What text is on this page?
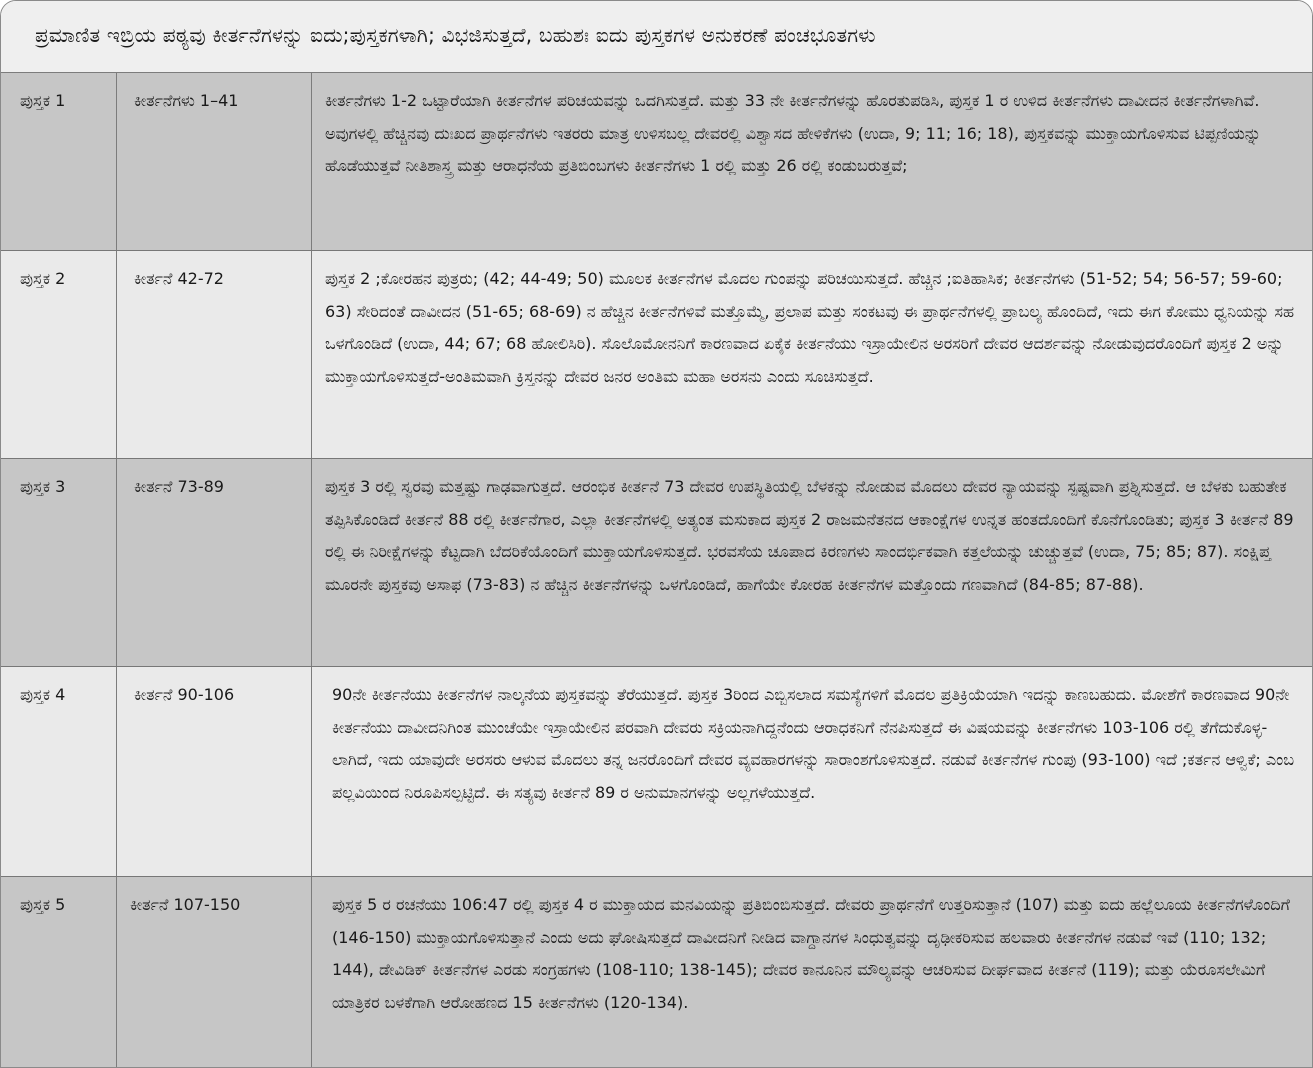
ಪ್ರಮಾಣಿತ ಇಬ್ರಿಯ ಪಠ್ಯವು ಕೀರ್ತನೆಗಳನ್ನು ಐದು;ಪುಸ್ತಕಗಳಾಗಿ; ವಿಭಜಿಸುತ್ತದೆ, ಬಹುಶಃ ಐದು ಪುಸ್ತಕಗಳ ಅನುಕರಣೆ ಪಂಚಭೂತಗಳು
ಪುಸ್ತಕ 1	ಕೀರ್ತನೆಗಳು 1–41	ಕೀರ್ತನೆಗಳು 1-2 ಒಟ್ಟಾರೆಯಾಗಿ ಕೀರ್ತನೆಗಳ ಪರಿಚಯವನ್ನು ಒದಗಿಸುತ್ತದೆ. ಮತ್ತು 33 ನೇ ಕೀರ್ತನೆಗಳನ್ನು ಹೊರತುಪಡಿಸಿ, ಪುಸ್ತಕ 1 ರ ಉಳಿದ ಕೀರ್ತನೆಗಳು ದಾವೀದನ ಕೀರ್ತನೆಗಳಾಗಿವೆ. ಅವುಗಳಲ್ಲಿ ಹೆಚ್ಚಿನವು ದುಃಖದ ಪ್ರಾರ್ಥನೆಗಳು ಇತರರು ಮಾತ್ರ ಉಳಿಸಬಲ್ಲ ದೇವರಲ್ಲಿ ವಿಶ್ವಾಸದ ಹೇಳಿಕೆಗಳು (ಉದಾ, 9; 11; 16; 18), ಪುಸ್ತಕವನ್ನು ಮುಕ್ತಾಯಗೊಳಿಸುವ ಟಿಪ್ಪಣಿಯನ್ನು ಹೊಡೆಯುತ್ತವೆ ನೀತಿಶಾಸ್ತ್ರ ಮತ್ತು ಆರಾಧನೆಯ ಪ್ರತಿಬಿಂಬಗಳು ಕೀರ್ತನೆಗಳು 1 ರಲ್ಲಿ ಮತ್ತು 26 ರಲ್ಲಿ ಕಂಡುಬರುತ್ತವೆ;
ಪುಸ್ತಕ 2	ಕೀರ್ತನೆ 42-72	ಪುಸ್ತಕ 2 ;ಕೋರಹನ ಪುತ್ರರು; (42; 44-49; 50) ಮೂಲಕ ಕೀರ್ತನೆಗಳ ಮೊದಲ ಗುಂಪನ್ನು ಪರಿಚಯಿಸುತ್ತದೆ. ಹೆಚ್ಚಿನ ;ಐತಿಹಾಸಿಕ; ಕೀರ್ತನೆಗಳು (51-52; 54; 56-57; 59-60; 63) ಸೇರಿದಂತೆ ದಾವೀದನ (51-65; 68-69) ನ ಹೆಚ್ಚಿನ ಕೀರ್ತನೆಗಳಿವೆ ಮತ್ತೊಮ್ಮೆ, ಪ್ರಲಾಪ ಮತ್ತು ಸಂಕಟವು ಈ ಪ್ರಾರ್ಥನೆಗಳಲ್ಲಿ ಪ್ರಾಬಲ್ಯ ಹೊಂದಿದೆ, ಇದು ಈಗ ಕೋಮು ಧ್ವನಿಯನ್ನು ಸಹ ಒಳಗೊಂಡಿದೆ (ಉದಾ, 44; 67; 68 ಹೋಲಿಸಿರಿ). ಸೊಲೊಮೋನನಿಗೆ ಕಾರಣವಾದ ಏಕೈಕ ಕೀರ್ತನೆಯು ಇಸ್ರಾಯೇಲಿನ ಅರಸರಿಗೆ ದೇವರ ಆದರ್ಶವನ್ನು ನೋಡುವುದರೊಂದಿಗೆ ಪುಸ್ತಕ 2 ಅನ್ನು ಮುಕ್ತಾಯಗೊಳಿಸುತ್ತದೆ-ಅಂತಿಮವಾಗಿ ಕ್ರಿಸ್ತನನ್ನು ದೇವರ ಜನರ ಅಂತಿಮ ಮಹಾ ಅರಸನು ಎಂದು ಸೂಚಿಸುತ್ತದೆ.
ಪುಸ್ತಕ 3	ಕೀರ್ತನೆ 73-89	ಪುಸ್ತಕ 3 ರಲ್ಲಿ ಸ್ವರವು ಮತ್ತಷ್ಟು ಗಾಢವಾಗುತ್ತದೆ. ಆರಂಭಿಕ ಕೀರ್ತನೆ 73 ದೇವರ ಉಪಸ್ಥಿತಿಯಲ್ಲಿ ಬೆಳಕನ್ನು ನೋಡುವ ಮೊದಲು ದೇವರ ನ್ಯಾಯವನ್ನು ಸ್ಪಷ್ಟವಾಗಿ ಪ್ರಶ್ನಿಸುತ್ತದೆ. ಆ ಬೆಳಕು ಬಹುತೇಕ ತಪ್ಪಿಸಿಕೊಂಡಿದೆ ಕೀರ್ತನೆ 88 ರಲ್ಲಿ ಕೀರ್ತನೆಗಾರ, ಎಲ್ಲಾ ಕೀರ್ತನೆಗಳಲ್ಲಿ ಅತ್ಯಂತ ಮಸುಕಾದ ಪುಸ್ತಕ 2 ರಾಜಮನೆತನದ ಆಕಾಂಕ್ಷೆಗಳ ಉನ್ನತ ಹಂತದೊಂದಿಗೆ ಕೊನೆಗೊಂಡಿತು; ಪುಸ್ತಕ 3 ಕೀರ್ತನೆ 89 ರಲ್ಲಿ ಈ ನಿರೀಕ್ಷೆಗಳನ್ನು ಕೆಟ್ಟದಾಗಿ ಬೆದರಿಕೆಯೊಂದಿಗೆ ಮುಕ್ತಾಯಗೊಳಿಸುತ್ತದೆ. ಭರವಸೆಯ ಚೂಪಾದ ಕಿರಣಗಳು ಸಾಂದರ್ಭಿಕವಾಗಿ ಕತ್ತಲೆಯನ್ನು ಚುಚ್ಚುತ್ತವೆ (ಉದಾ, 75; 85; 87). ಸಂಕ್ಷಿಪ್ತ ಮೂರನೇ ಪುಸ್ತಕವು ಅಸಾಫ (73-83) ನ ಹೆಚ್ಚಿನ ಕೀರ್ತನೆಗಳನ್ನು ಒಳಗೊಂಡಿದೆ, ಹಾಗೆಯೇ ಕೋರಹ ಕೀರ್ತನೆಗಳ ಮತ್ತೊಂದು ಗಣವಾಗಿದೆ (84-85; 87-88).
ಪುಸ್ತಕ 4	ಕೀರ್ತನೆ 90-106	90ನೇ ಕೀರ್ತನೆಯು ಕೀರ್ತನೆಗಳ ನಾಲ್ಕನೆಯ ಪುಸ್ತಕವನ್ನು ತೆರೆಯುತ್ತದೆ. ಪುಸ್ತಕ 3ರಿಂದ ಎಬ್ಬಿಸಲಾದ ಸಮಸ್ಯೆಗಳಿಗೆ ಮೊದಲ ಪ್ರತಿಕ್ರಿಯೆಯಾಗಿ ಇದನ್ನು ಕಾಣಬಹುದು. ಮೋಶೆಗೆ ಕಾರಣವಾದ 90ನೇ ಕೀರ್ತನೆಯು ದಾವೀದನಿಗಿಂತ ಮುಂಚೆಯೇ ಇಸ್ರಾಯೇಲಿನ ಪರವಾಗಿ ದೇವರು ಸಕ್ರಿಯನಾಗಿದ್ದನೆಂದು ಆರಾಧಕನಿಗೆ ನೆನಪಿಸುತ್ತದೆ ಈ ವಿಷಯವನ್ನು ಕೀರ್ತನೆಗಳು 103-106 ರಲ್ಲಿ ತೆಗೆದುಕೊಳ್ಳ-ಲಾಗಿದೆ, ಇದು ಯಾವುದೇ ಅರಸರು ಆಳುವ ಮೊದಲು ತನ್ನ ಜನರೊಂದಿಗೆ ದೇವರ ವ್ಯವಹಾರಗಳನ್ನು ಸಾರಾಂಶಗೊಳಿಸುತ್ತದೆ. ನಡುವೆ ಕೀರ್ತನೆಗಳ ಗುಂಪು (93-100) ಇದೆ ;ಕರ್ತನ ಆಳ್ವಿಕೆ; ಎಂಬ ಪಲ್ಲವಿಯಿಂದ ನಿರೂಪಿಸಲ್ಪಟ್ಟಿದೆ. ಈ ಸತ್ಯವು ಕೀರ್ತನೆ 89 ರ ಅನುಮಾನಗಳನ್ನು ಅಲ್ಲಗಳೆಯುತ್ತದೆ.
ಪುಸ್ತಕ 5	ಕೀರ್ತನೆ 107-150	ಪುಸ್ತಕ 5 ರ ರಚನೆಯು 106:47 ರಲ್ಲಿ ಪುಸ್ತಕ 4 ರ ಮುಕ್ತಾಯದ ಮನವಿಯನ್ನು ಪ್ರತಿಬಿಂಬಿಸುತ್ತದೆ. ದೇವರು ಪ್ರಾರ್ಥನೆಗೆ ಉತ್ತರಿಸುತ್ತಾನೆ (107) ಮತ್ತು ಐದು ಹಲ್ಲೆಲೂಯ ಕೀರ್ತನೆಗಳೊಂದಿಗೆ (146-150) ಮುಕ್ತಾಯಗೊಳಿಸುತ್ತಾನೆ ಎಂದು ಅದು ಘೋಷಿಸುತ್ತದೆ ದಾವೀದನಿಗೆ ನೀಡಿದ ವಾಗ್ದಾನಗಳ ಸಿಂಧುತ್ವವನ್ನು ದೃಢೀಕರಿಸುವ ಹಲವಾರು ಕೀರ್ತನೆಗಳ ನಡುವೆ ಇವೆ (110; 132; 144), ಡೇವಿಡಿಕ್ ಕೀರ್ತನೆಗಳ ಎರಡು ಸಂಗ್ರಹಗಳು (108-110; 138-145); ದೇವರ ಕಾನೂನಿನ ಮೌಲ್ಯವನ್ನು ಆಚರಿಸುವ ದೀರ್ಘವಾದ ಕೀರ್ತನೆ (119); ಮತ್ತು ಯೆರೂಸಲೇಮಿಗೆ ಯಾತ್ರಿಕರ ಬಳಕೆಗಾಗಿ ಆರೋಹಣದ 15 ಕೀರ್ತನೆಗಳು (120-134).
